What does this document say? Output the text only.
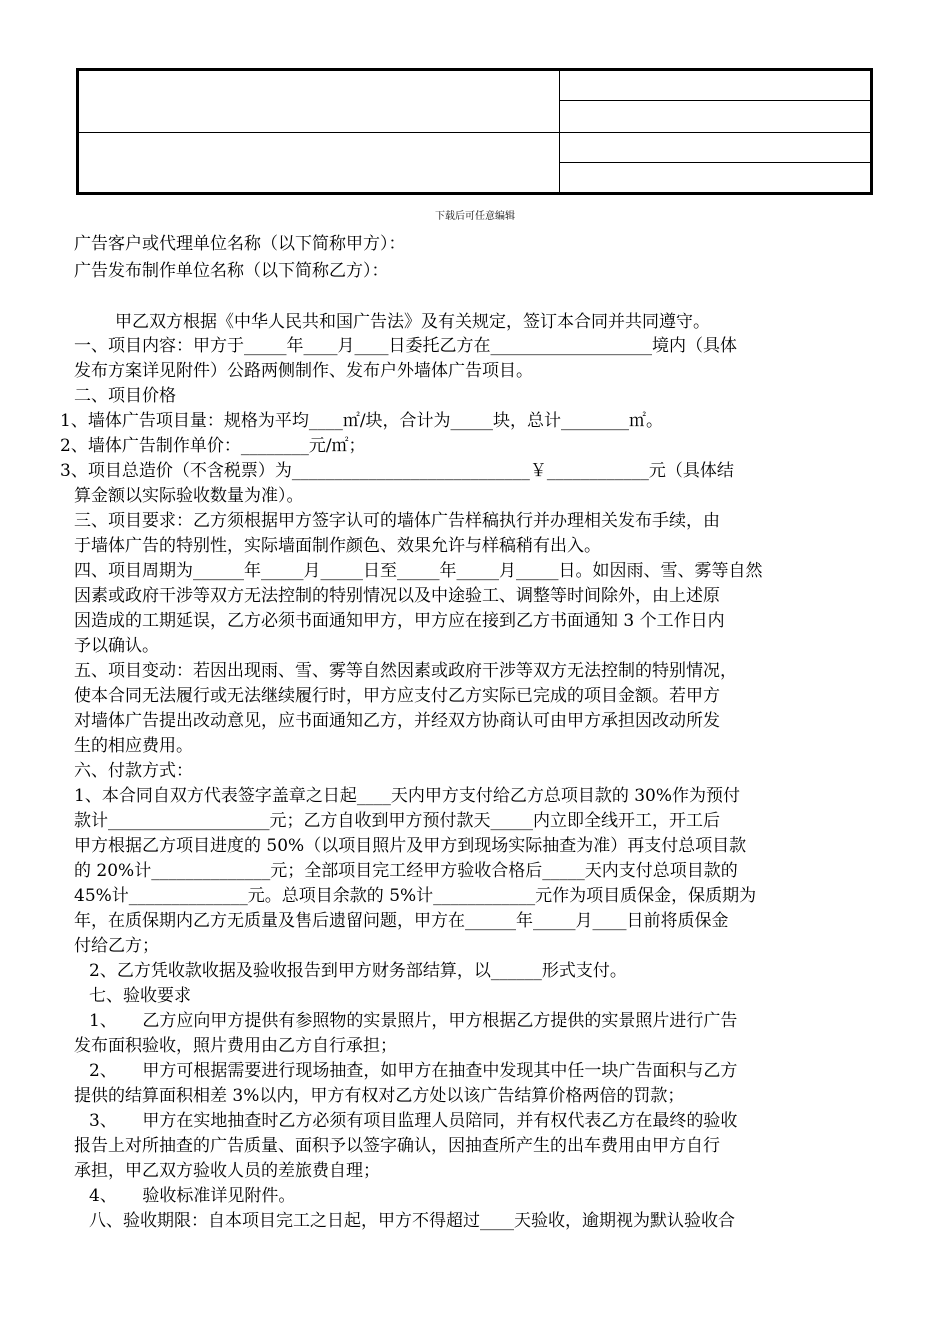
下载后可任意编辑
广告客户或代理单位名称（以下简称甲方）：
广告发布制作单位名称（以下简称乙方）：
甲乙双方根据《中华人民共和国广告法》及有关规定，签订本合同并共同遵守。
一、项目内容：甲方于_____年____月____日委托乙方在___________________境内（具体
发布方案详见附件）公路两侧制作、发布户外墙体广告项目。
二、项目价格
1、墙体广告项目量：规格为平均____㎡/块，合计为_____块，总计________㎡。
2、墙体广告制作单价：________元/㎡；
3、项目总造价（不含税票）为____________________________￥____________元（具体结
算金额以实际验收数量为准）。
三、项目要求：乙方须根据甲方签字认可的墙体广告样稿执行并办理相关发布手续，由
于墙体广告的特别性，实际墙面制作颜色、效果允许与样稿稍有出入。
四、项目周期为______年_____月_____日至_____年_____月_____日。如因雨、雪、雾等自然
因素或政府干涉等双方无法控制的特别情况以及中途验工、调整等时间除外，由上述原
因造成的工期延误，乙方必须书面通知甲方，甲方应在接到乙方书面通知 3 个工作日内
予以确认。
五、项目变动：若因出现雨、雪、雾等自然因素或政府干涉等双方无法控制的特别情况，
使本合同无法履行或无法继续履行时，甲方应支付乙方实际已完成的项目金额。若甲方
对墙体广告提出改动意见，应书面通知乙方，并经双方协商认可由甲方承担因改动所发
生的相应费用。
六、付款方式：
1、本合同自双方代表签字盖章之日起____天内甲方支付给乙方总项目款的 30%作为预付
款计___________________元；乙方自收到甲方预付款天_____内立即全线开工，开工后
甲方根据乙方项目进度的 50%（以项目照片及甲方到现场实际抽查为准）再支付总项目款
的 20%计______________元；全部项目完工经甲方验收合格后_____天内支付总项目款的
45%计______________元。总项目余款的 5%计____________元作为项目质保金，保质期为
年，在质保期内乙方无质量及售后遗留问题，甲方在______年_____月____日前将质保金
付给乙方；
2、乙方凭收款收据及验收报告到甲方财务部结算，以______形式支付。
七、验收要求
1、　　乙方应向甲方提供有参照物的实景照片，甲方根据乙方提供的实景照片进行广告
发布面积验收，照片费用由乙方自行承担；
2、　　甲方可根据需要进行现场抽查，如甲方在抽查中发现其中任一块广告面积与乙方
提供的结算面积相差 3%以内，甲方有权对乙方处以该广告结算价格两倍的罚款；
3、　　甲方在实地抽查时乙方必须有项目监理人员陪同，并有权代表乙方在最终的验收
报告上对所抽查的广告质量、面积予以签字确认，因抽查所产生的出车费用由甲方自行
承担，甲乙双方验收人员的差旅费自理；
4、　　验收标准详见附件。
八、验收期限：自本项目完工之日起，甲方不得超过____天验收，逾期视为默认验收合
